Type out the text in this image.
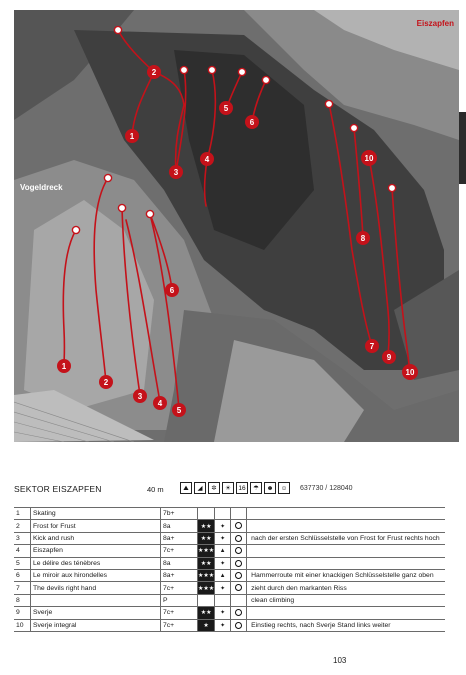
1
2
3
4
5
6
7
8
9
10
10
1
2
3
4
5
6
Eiszapfen
Vogeldreck
SEKTOR EISZAPFEN	40 m	⛰	◢	✲	☀	16	☂	☻	☺	637730 / 128040
1	Skating	7b+				
2	Frost for Frust	8a	★★	✦		
3	Kick and rush	8a+	★★	✦		nach der ersten Schlüsselstelle von Frost for Frust rechts hoch
4	Eiszapfen	7c+	★★★	▲		
5	Le délire des ténèbres	8a	★★	✦		
6	Le miroir aux hirondelles	8a+	★★★	▲		Hammerroute mit einer knackigen Schlüsselstelle ganz oben
7	The devils right hand	7c+	★★★	✦		zieht durch den markanten Riss
8		P				clean climbing
9	Sverje	7c+	★★	✦		
10	Sverje integral	7c+	★	✦		Einstieg rechts, nach Sverje Stand links weiter
103
